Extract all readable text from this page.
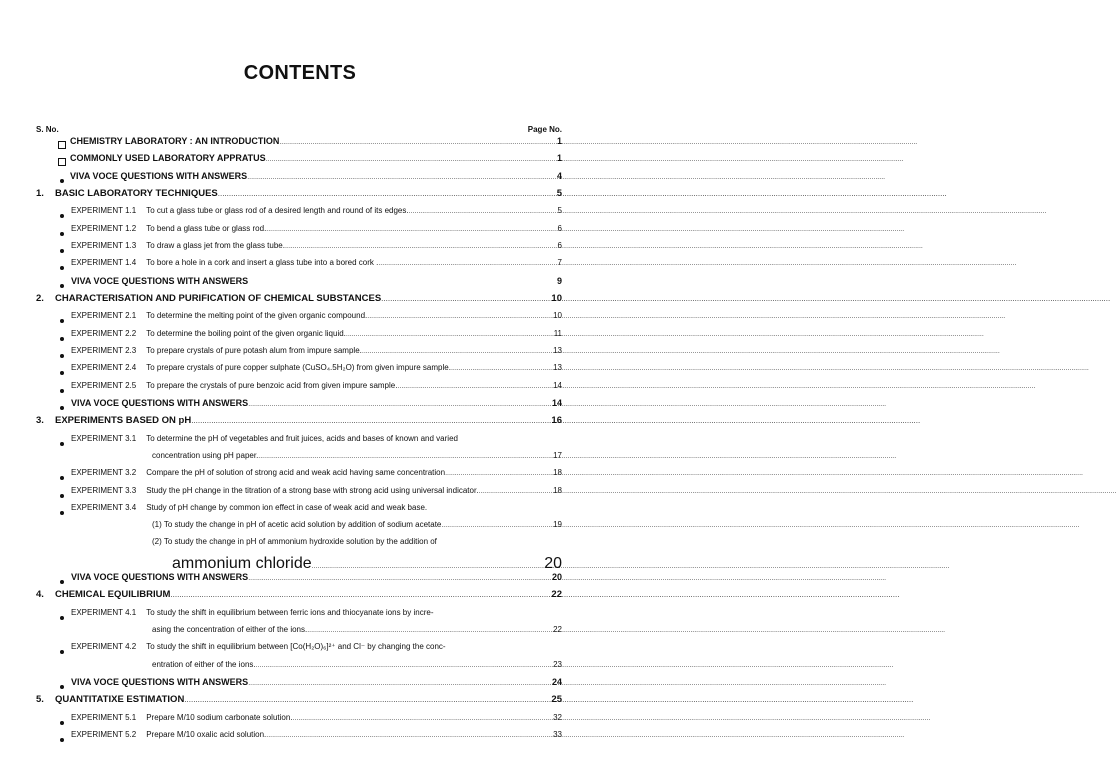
CONTENTS
S. No.	Page No.
CHEMISTRY LABORATORY : AN INTRODUCTION .....	1
COMMONLY USED LABORATORY APPRATUS .....	1
VIVA VOCE QUESTIONS WITH ANSWERS .....	4
1. BASIC LABORATORY TECHNIQUES .....	5
EXPERIMENT 1.1 To cut a glass tube or glass rod of a desired length and round of its edges. .....	5
EXPERIMENT 1.2 To bend a glass tube or glass rod. .....	6
EXPERIMENT 1.3 To draw a glass jet from the glass tube. .....	6
EXPERIMENT 1.4 To bore a hole in a cork and insert a glass tube into a bored cork . .....	7
VIVA VOCE QUESTIONS WITH ANSWERS	9
2. CHARACTERISATION AND PURIFICATION OF CHEMICAL SUBSTANCES .....	10
EXPERIMENT 2.1 To determine the melting point of the given organic compound. .....	10
EXPERIMENT 2.2 To determine the boiling point of the given organic liquid. .....	11
EXPERIMENT 2.3 To prepare crystals of pure potash alum from impure sample. .....	13
EXPERIMENT 2.4 To prepare crystals of pure copper sulphate (CuSO₄.5H₂O) from given impure sample. .....	13
EXPERIMENT 2.5 To prepare the crystals of pure benzoic acid from given impure sample. .....	14
VIVA VOCE QUESTIONS WITH ANSWERS .....	14
3. EXPERIMENTS BASED ON pH .....	16
EXPERIMENT 3.1 To determine the pH of vegetables and fruit juices, acids and bases of known and varied
concentration using pH paper. .....	17
EXPERIMENT 3.2 Compare the pH of solution of strong acid and weak acid having same concentration .....	18
EXPERIMENT 3.3 Study the pH change in the titration of a strong base with strong acid using universal indicator. .....	18
EXPERIMENT 3.4 Study of pH change by common ion effect in case of weak acid and weak base.
(1) To study the change in pH of acetic acid solution by addition of sodium acetate .....	19
(2) To study the change in pH of ammonium hydroxide solution by the addition of
ammonium chloride .....	20
VIVA VOCE QUESTIONS WITH ANSWERS .....	20
4. CHEMICAL EQUILIBRIUM .....	22
EXPERIMENT 4.1 To study the shift in equilibrium between ferric ions and thiocyanate ions by incre-
asing the concentration of either of the ions. .....	22
EXPERIMENT 4.2 To study the shift in equilibrium between [Co(H₂O)₆]²⁺ and Cl⁻ by changing the conc-
entration of either of the ions. .....	23
VIVA VOCE QUESTIONS WITH ANSWERS .....	24
5. QUANTITATIXE ESTIMATION .....	25
EXPERIMENT 5.1 Prepare M/10 sodium carbonate solution. .....	32
EXPERIMENT 5.2 Prepare M/10 oxalic acid solution. .....	33
